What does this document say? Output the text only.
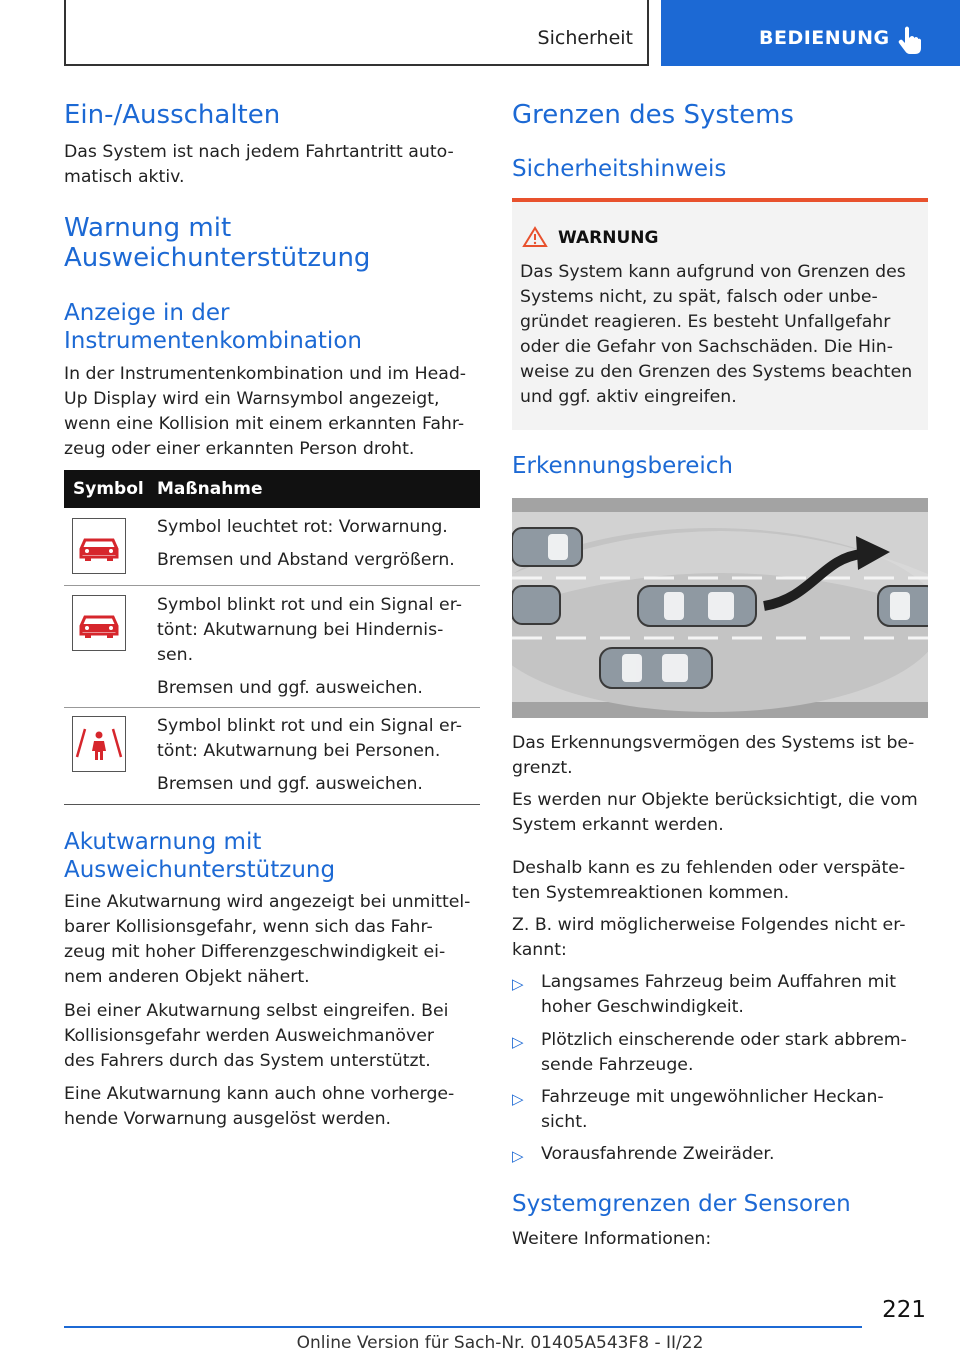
Sicherheit	BEDIENUNG
Ein-/Ausschalten
Das System ist nach jedem Fahrtantritt auto-
matisch aktiv.
Warnung mit
Ausweichunterstützung
Anzeige in der
Instrumentenkombination
In der Instrumentenkombination und im Head-
Up Display wird ein Warnsymbol angezeigt,
wenn eine Kollision mit einem erkannten Fahr-
zeug oder einer erkannten Person droht.
Symbol Maßnahme
Symbol leuchtet rot: Vorwarnung.
Bremsen und Abstand vergrößern.
Symbol blinkt rot und ein Signal er-
tönt: Akutwarnung bei Hindernis-
sen.
Bremsen und ggf. ausweichen.
Symbol blinkt rot und ein Signal er-
tönt: Akutwarnung bei Personen.
Bremsen und ggf. ausweichen.
Akutwarnung mit
Ausweichunterstützung
Eine Akutwarnung wird angezeigt bei unmittel-
barer Kollisionsgefahr, wenn sich das Fahr-
zeug mit hoher Differenzgeschwindigkeit ei-
nem anderen Objekt nähert.
Bei einer Akutwarnung selbst eingreifen. Bei
Kollisionsgefahr werden Ausweichmanöver
des Fahrers durch das System unterstützt.
Eine Akutwarnung kann auch ohne vorherge-
hende Vorwarnung ausgelöst werden.
Grenzen des Systems
Sicherheitshinweis
WARNUNG
Das System kann aufgrund von Grenzen des
Systems nicht, zu spät, falsch oder unbe-
gründet reagieren. Es besteht Unfallgefahr
oder die Gefahr von Sachschäden. Die Hin-
weise zu den Grenzen des Systems beachten
und ggf. aktiv eingreifen.
Erkennungsbereich
Das Erkennungsvermögen des Systems ist be-
grenzt.
Es werden nur Objekte berücksichtigt, die vom
System erkannt werden.
Deshalb kann es zu fehlenden oder verspäte-
ten Systemreaktionen kommen.
Z. B. wird möglicherweise Folgendes nicht er-
kannt:
▷ Langsames Fahrzeug beim Auffahren mit
hoher Geschwindigkeit.
▷ Plötzlich einscherende oder stark abbrem-
sende Fahrzeuge.
▷ Fahrzeuge mit ungewöhnlicher Heckan-
sicht.
▷ Vorausfahrende Zweiräder.
Systemgrenzen der Sensoren
Weitere Informationen:
221
Online Version für Sach-Nr. 01405A543F8 - II/22
